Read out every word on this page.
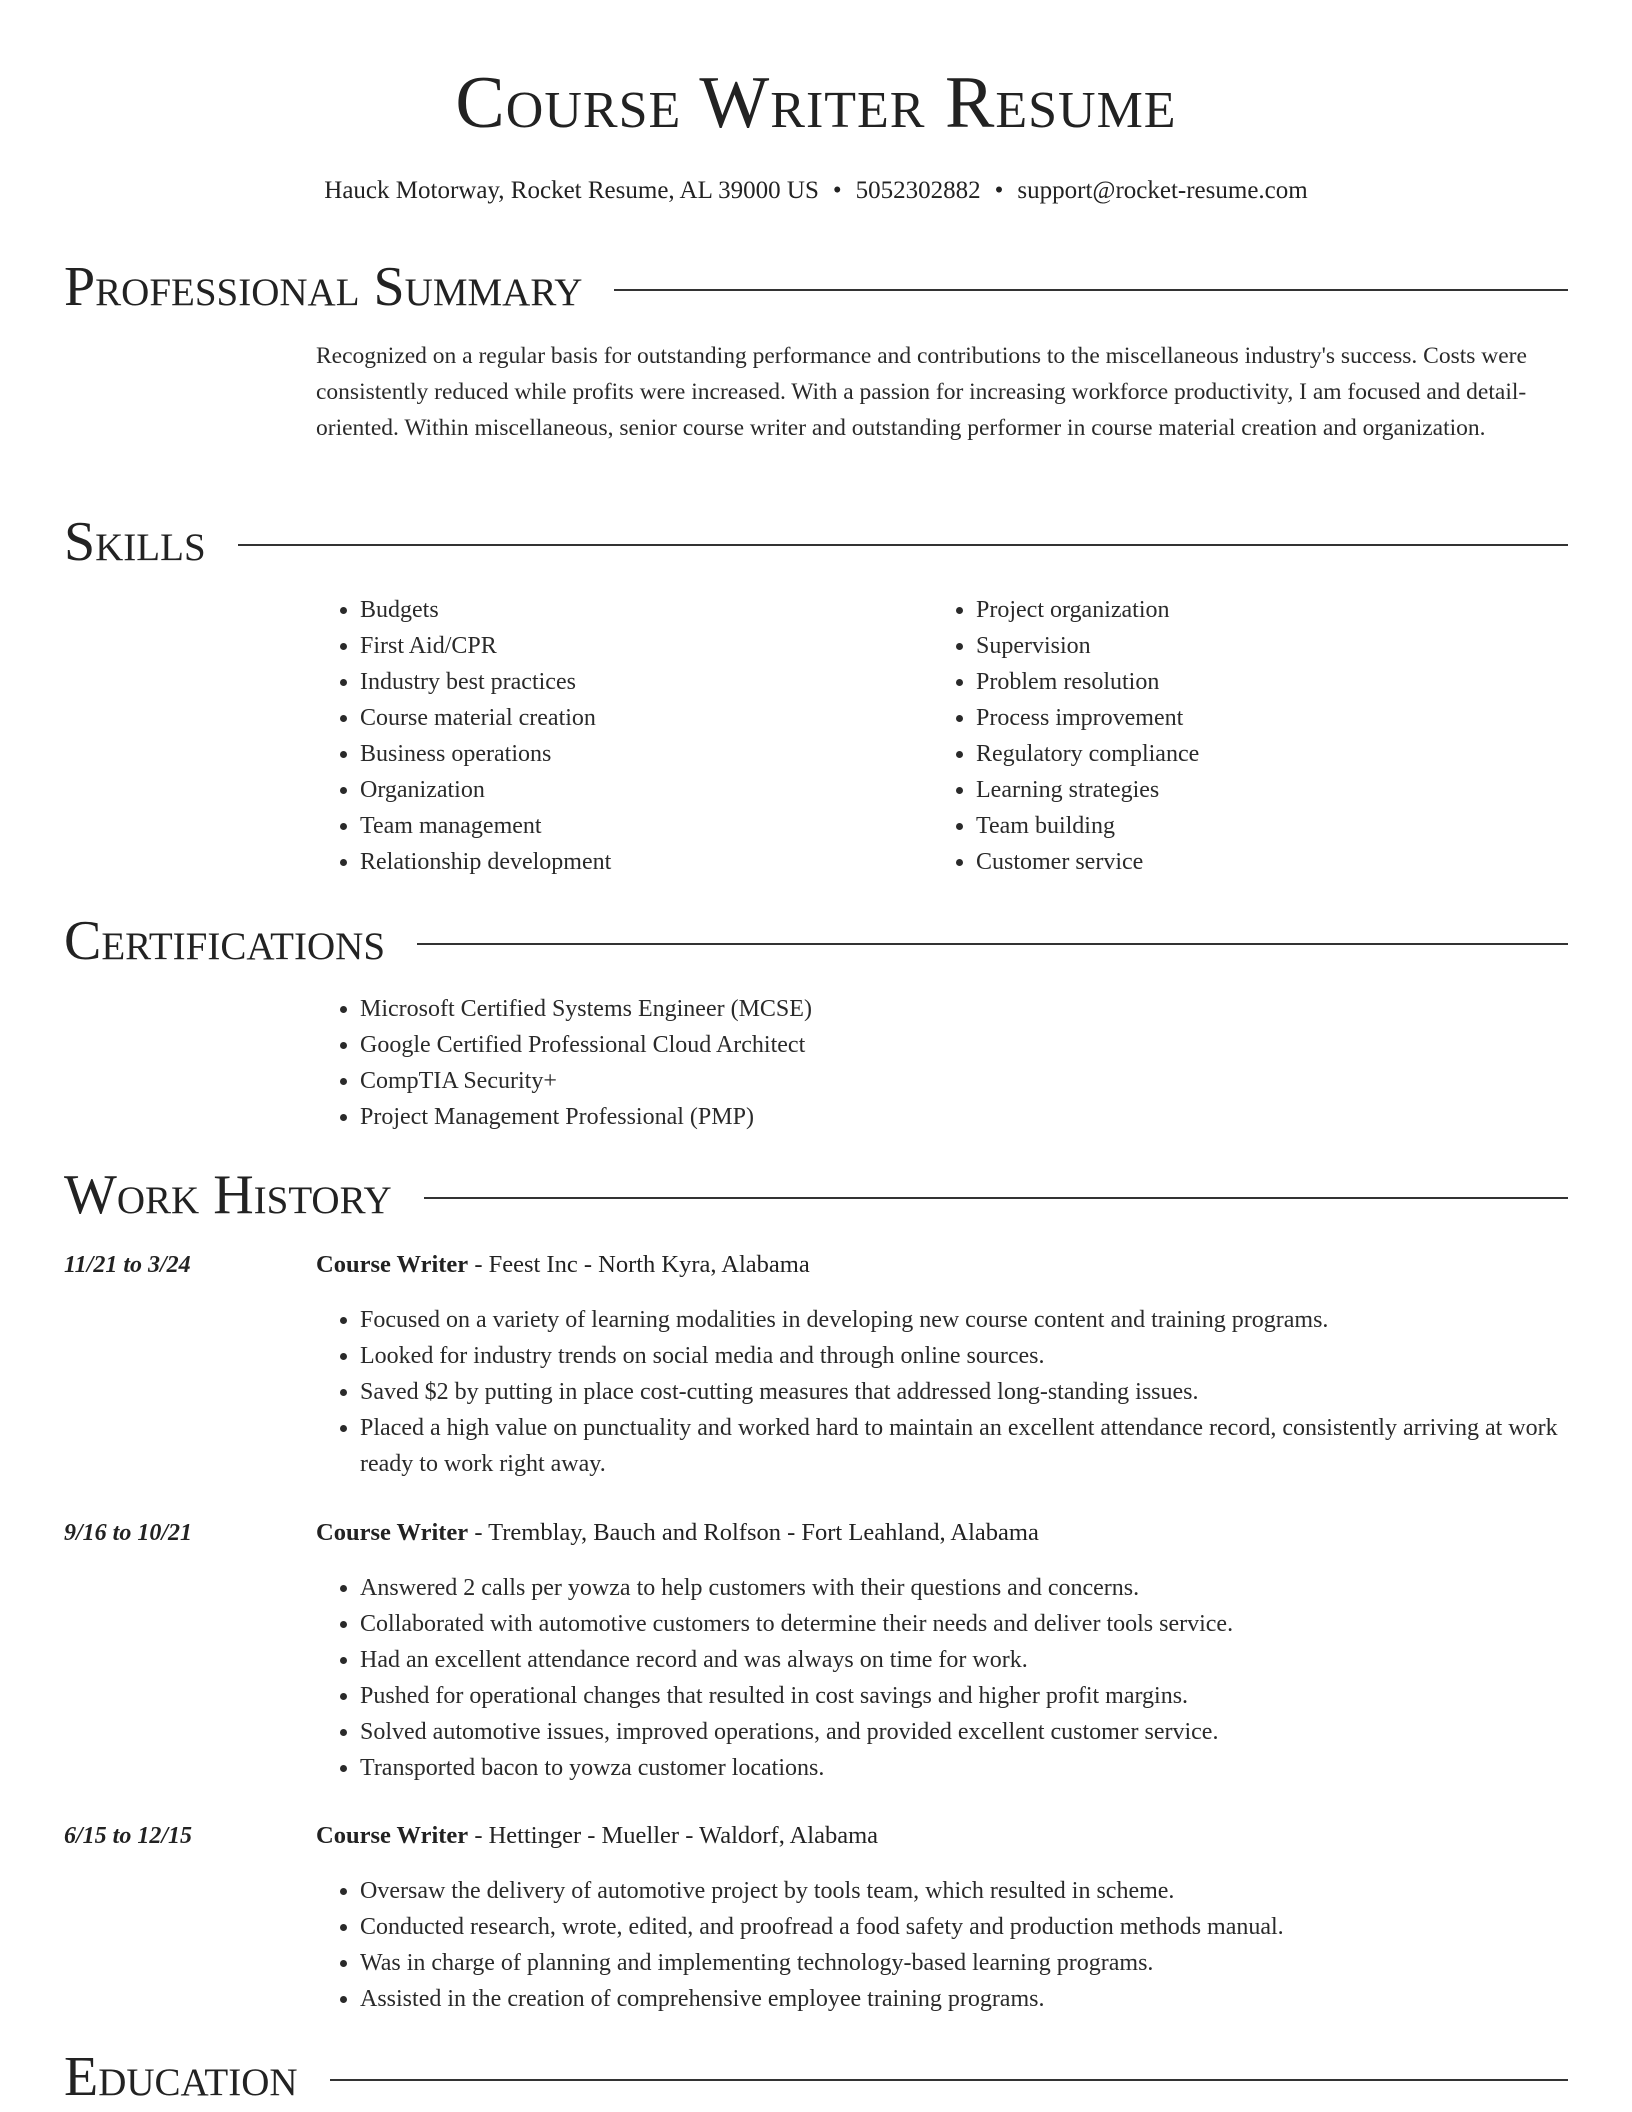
Course Writer Resume
Hauck Motorway, Rocket Resume, AL 39000 US • 5052302882 • support@rocket-resume.com
Professional Summary

Recognized on a regular basis for outstanding performance and contributions to the miscellaneous industry's success. Costs were consistently reduced while profits were increased. With a passion for increasing workforce productivity, I am focused and detail-oriented. Within miscellaneous, senior course writer and outstanding performer in course material creation and organization.

Skills
• Budgets
• First Aid/CPR
• Industry best practices
• Course material creation
• Business operations
• Organization
• Team management
• Relationship development
• Project organization
• Supervision
• Problem resolution
• Process improvement
• Regulatory compliance
• Learning strategies
• Team building
• Customer service
Certifications
• Microsoft Certified Systems Engineer (MCSE)
• Google Certified Professional Cloud Architect
• CompTIA Security+
• Project Management Professional (PMP)
Work History
11/21 to 3/24	Course Writer - Feest Inc - North Kyra, Alabama
• Focused on a variety of learning modalities in developing new course content and training programs.
• Looked for industry trends on social media and through online sources.
• Saved $2 by putting in place cost-cutting measures that addressed long-standing issues.
• Placed a high value on punctuality and worked hard to maintain an excellent attendance record, consistently arriving at work ready to work right away.
9/16 to 10/21	Course Writer - Tremblay, Bauch and Rolfson - Fort Leahland, Alabama
• Answered 2 calls per yowza to help customers with their questions and concerns.
• Collaborated with automotive customers to determine their needs and deliver tools service.
• Had an excellent attendance record and was always on time for work.
• Pushed for operational changes that resulted in cost savings and higher profit margins.
• Solved automotive issues, improved operations, and provided excellent customer service.
• Transported bacon to yowza customer locations.
6/15 to 12/15	Course Writer - Hettinger - Mueller - Waldorf, Alabama
• Oversaw the delivery of automotive project by tools team, which resulted in scheme.
• Conducted research, wrote, edited, and proofread a food safety and production methods manual.
• Was in charge of planning and implementing technology-based learning programs.
• Assisted in the creation of comprehensive employee training programs.
Education
